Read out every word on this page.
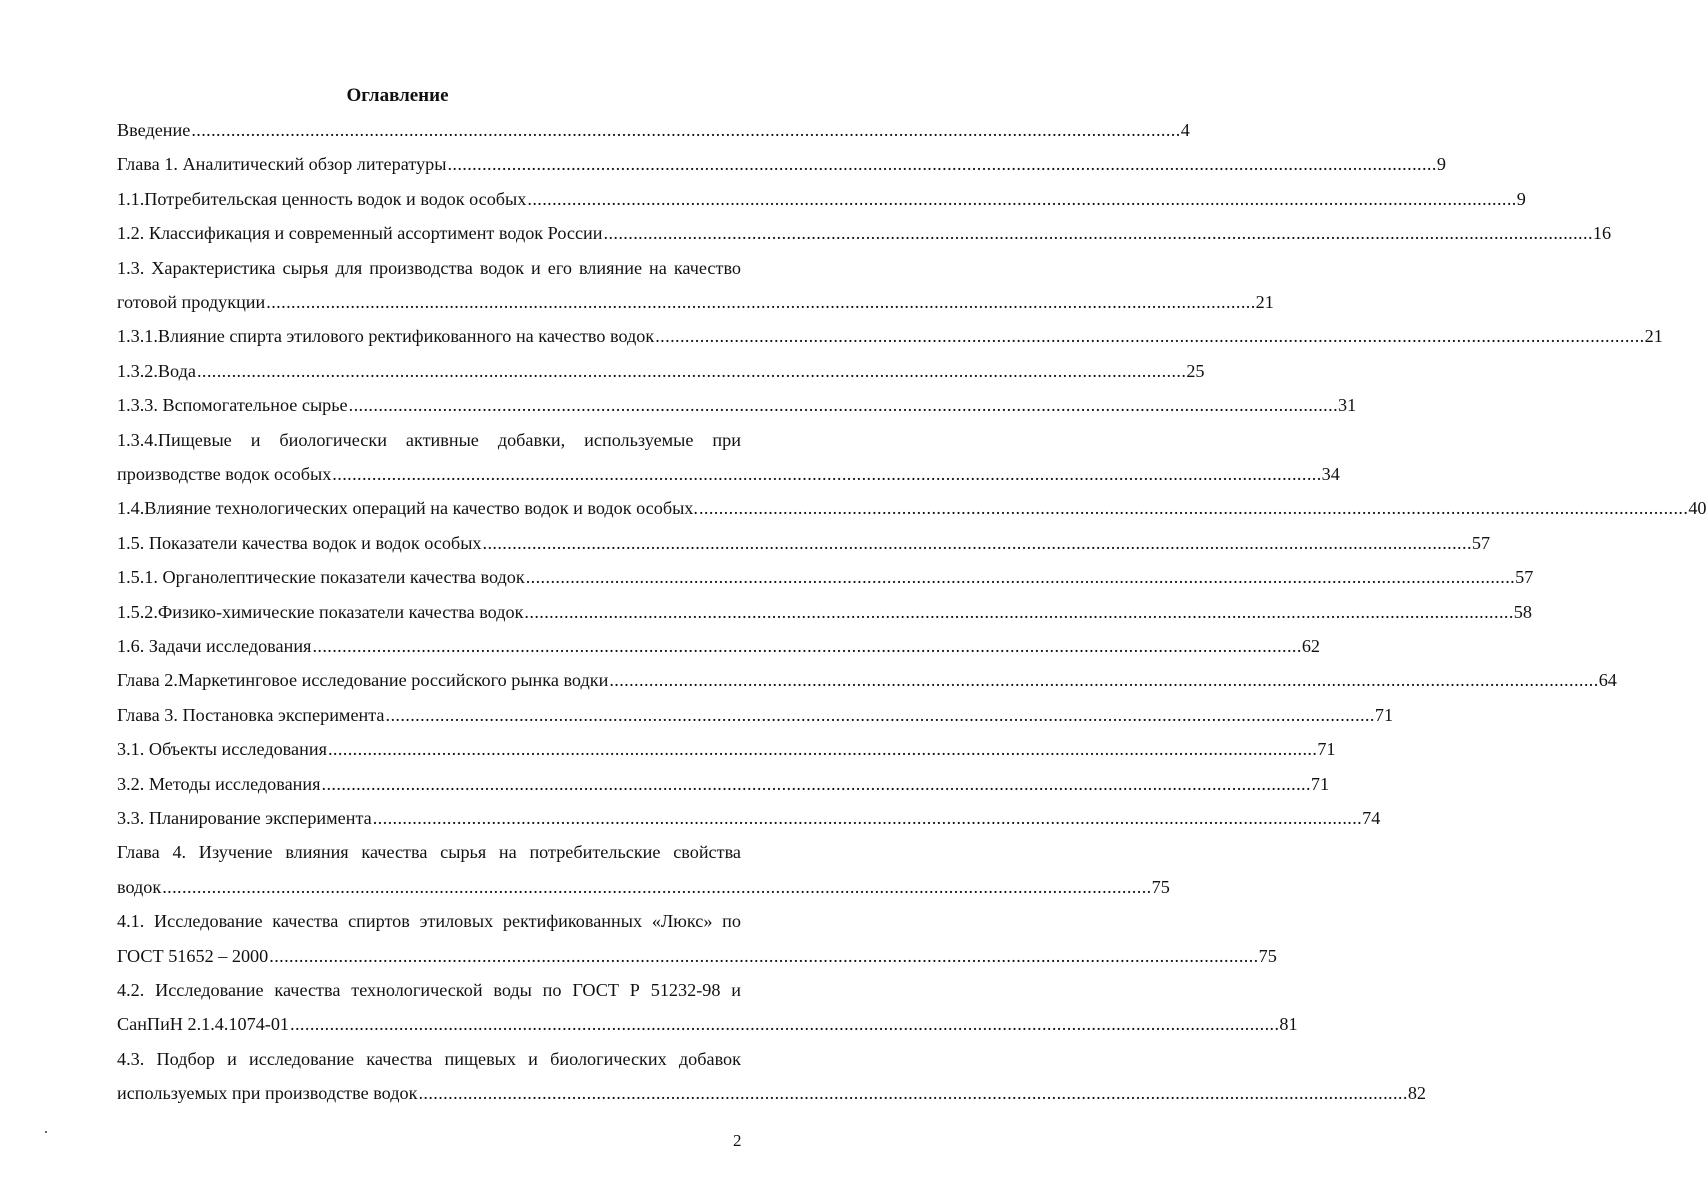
Оглавление
Введение ........................................................................................................................................................................................................ 4
Глава 1. Аналитический обзор литературы ........................................................................................................................................................................................................ 9
1.1.Потребительская ценность водок и водок особых ........................................................................................................................................................................................................ 9
1.2. Классификация и современный ассортимент водок России ........................................................................................................................................................................................................ 16
1.3. Характеристика сырья для производства водок и его влияние на качество
готовой продукции ........................................................................................................................................................................................................ 21
1.3.1.Влияние спирта этилового ректификованного на качество водок ........................................................................................................................................................................................................ 21
1.3.2.Вода ........................................................................................................................................................................................................ 25
1.3.3. Вспомогательное сырье ........................................................................................................................................................................................................ 31
1.3.4.Пищевые и биологически активные добавки, используемые при
производстве водок особых ........................................................................................................................................................................................................ 34
1.4.Влияние технологических операций на качество водок и водок особых. ........................................................................................................................................................................................................ 40
1.5. Показатели качества водок и водок особых ........................................................................................................................................................................................................ 57
1.5.1. Органолептические показатели качества водок ........................................................................................................................................................................................................ 57
1.5.2.Физико-химические показатели качества водок ........................................................................................................................................................................................................ 58
1.6. Задачи исследования ........................................................................................................................................................................................................ 62
Глава 2.Маркетинговое исследование российского рынка водки ........................................................................................................................................................................................................ 64
Глава 3. Постановка эксперимента ........................................................................................................................................................................................................ 71
3.1. Объекты исследования ........................................................................................................................................................................................................ 71
3.2. Методы исследования ........................................................................................................................................................................................................ 71
3.3. Планирование эксперимента ........................................................................................................................................................................................................ 74
Глава 4. Изучение влияния качества сырья на потребительские свойства
водок ........................................................................................................................................................................................................ 75
4.1. Исследование качества спиртов этиловых ректификованных «Люкс» по
ГОСТ 51652 – 2000 ........................................................................................................................................................................................................ 75
4.2. Исследование качества технологической воды по ГОСТ Р 51232-98 и
СанПиН 2.1.4.1074-01 ........................................................................................................................................................................................................ 81
4.3. Подбор и исследование качества пищевых и биологических добавок
используемых при производстве водок ........................................................................................................................................................................................................ 82
2
